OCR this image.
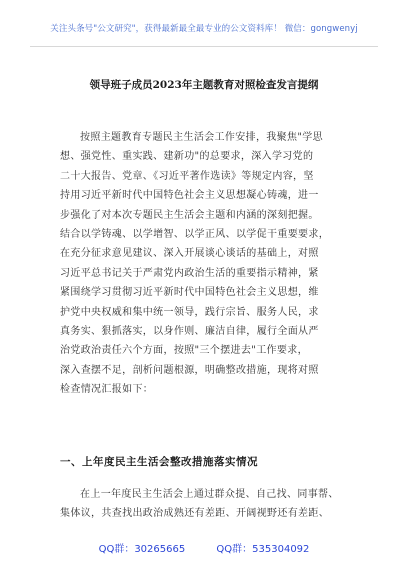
关注头条号"公文研究"，获得最新最全最专业的公文资料库！ 微信：gongwenyj
领导班子成员2023年主题教育对照检查发言提纲
按照主题教育专题民主生活会工作安排，我聚焦"学思
想、强党性、重实践、建新功"的总要求，深入学习党的
二十大报告、党章、《习近平著作选读》等规定内容，坚
持用习近平新时代中国特色社会主义思想凝心铸魂，进一
步强化了对本次专题民主生活会主题和内涵的深刻把握。
结合以学铸魂、以学增智、以学正风、以学促干重要要求，
在充分征求意见建议、深入开展谈心谈话的基础上，对照
习近平总书记关于严肃党内政治生活的重要指示精神，紧
紧围绕学习贯彻习近平新时代中国特色社会主义思想，维
护党中央权威和集中统一领导，践行宗旨、服务人民，求
真务实、狠抓落实，以身作则、廉洁自律，履行全面从严
治党政治责任六个方面，按照"三个摆进去"工作要求，
深入查摆不足，剖析问题根源，明确整改措施，现将对照
检查情况汇报如下：
一、上年度民主生活会整改措施落实情况
在上一年度民主生活会上通过群众提、自己找、同事帮、
集体议，共查找出政治成熟还有差距、开阔视野还有差距、
QQ群：30265665	QQ群：535304092
